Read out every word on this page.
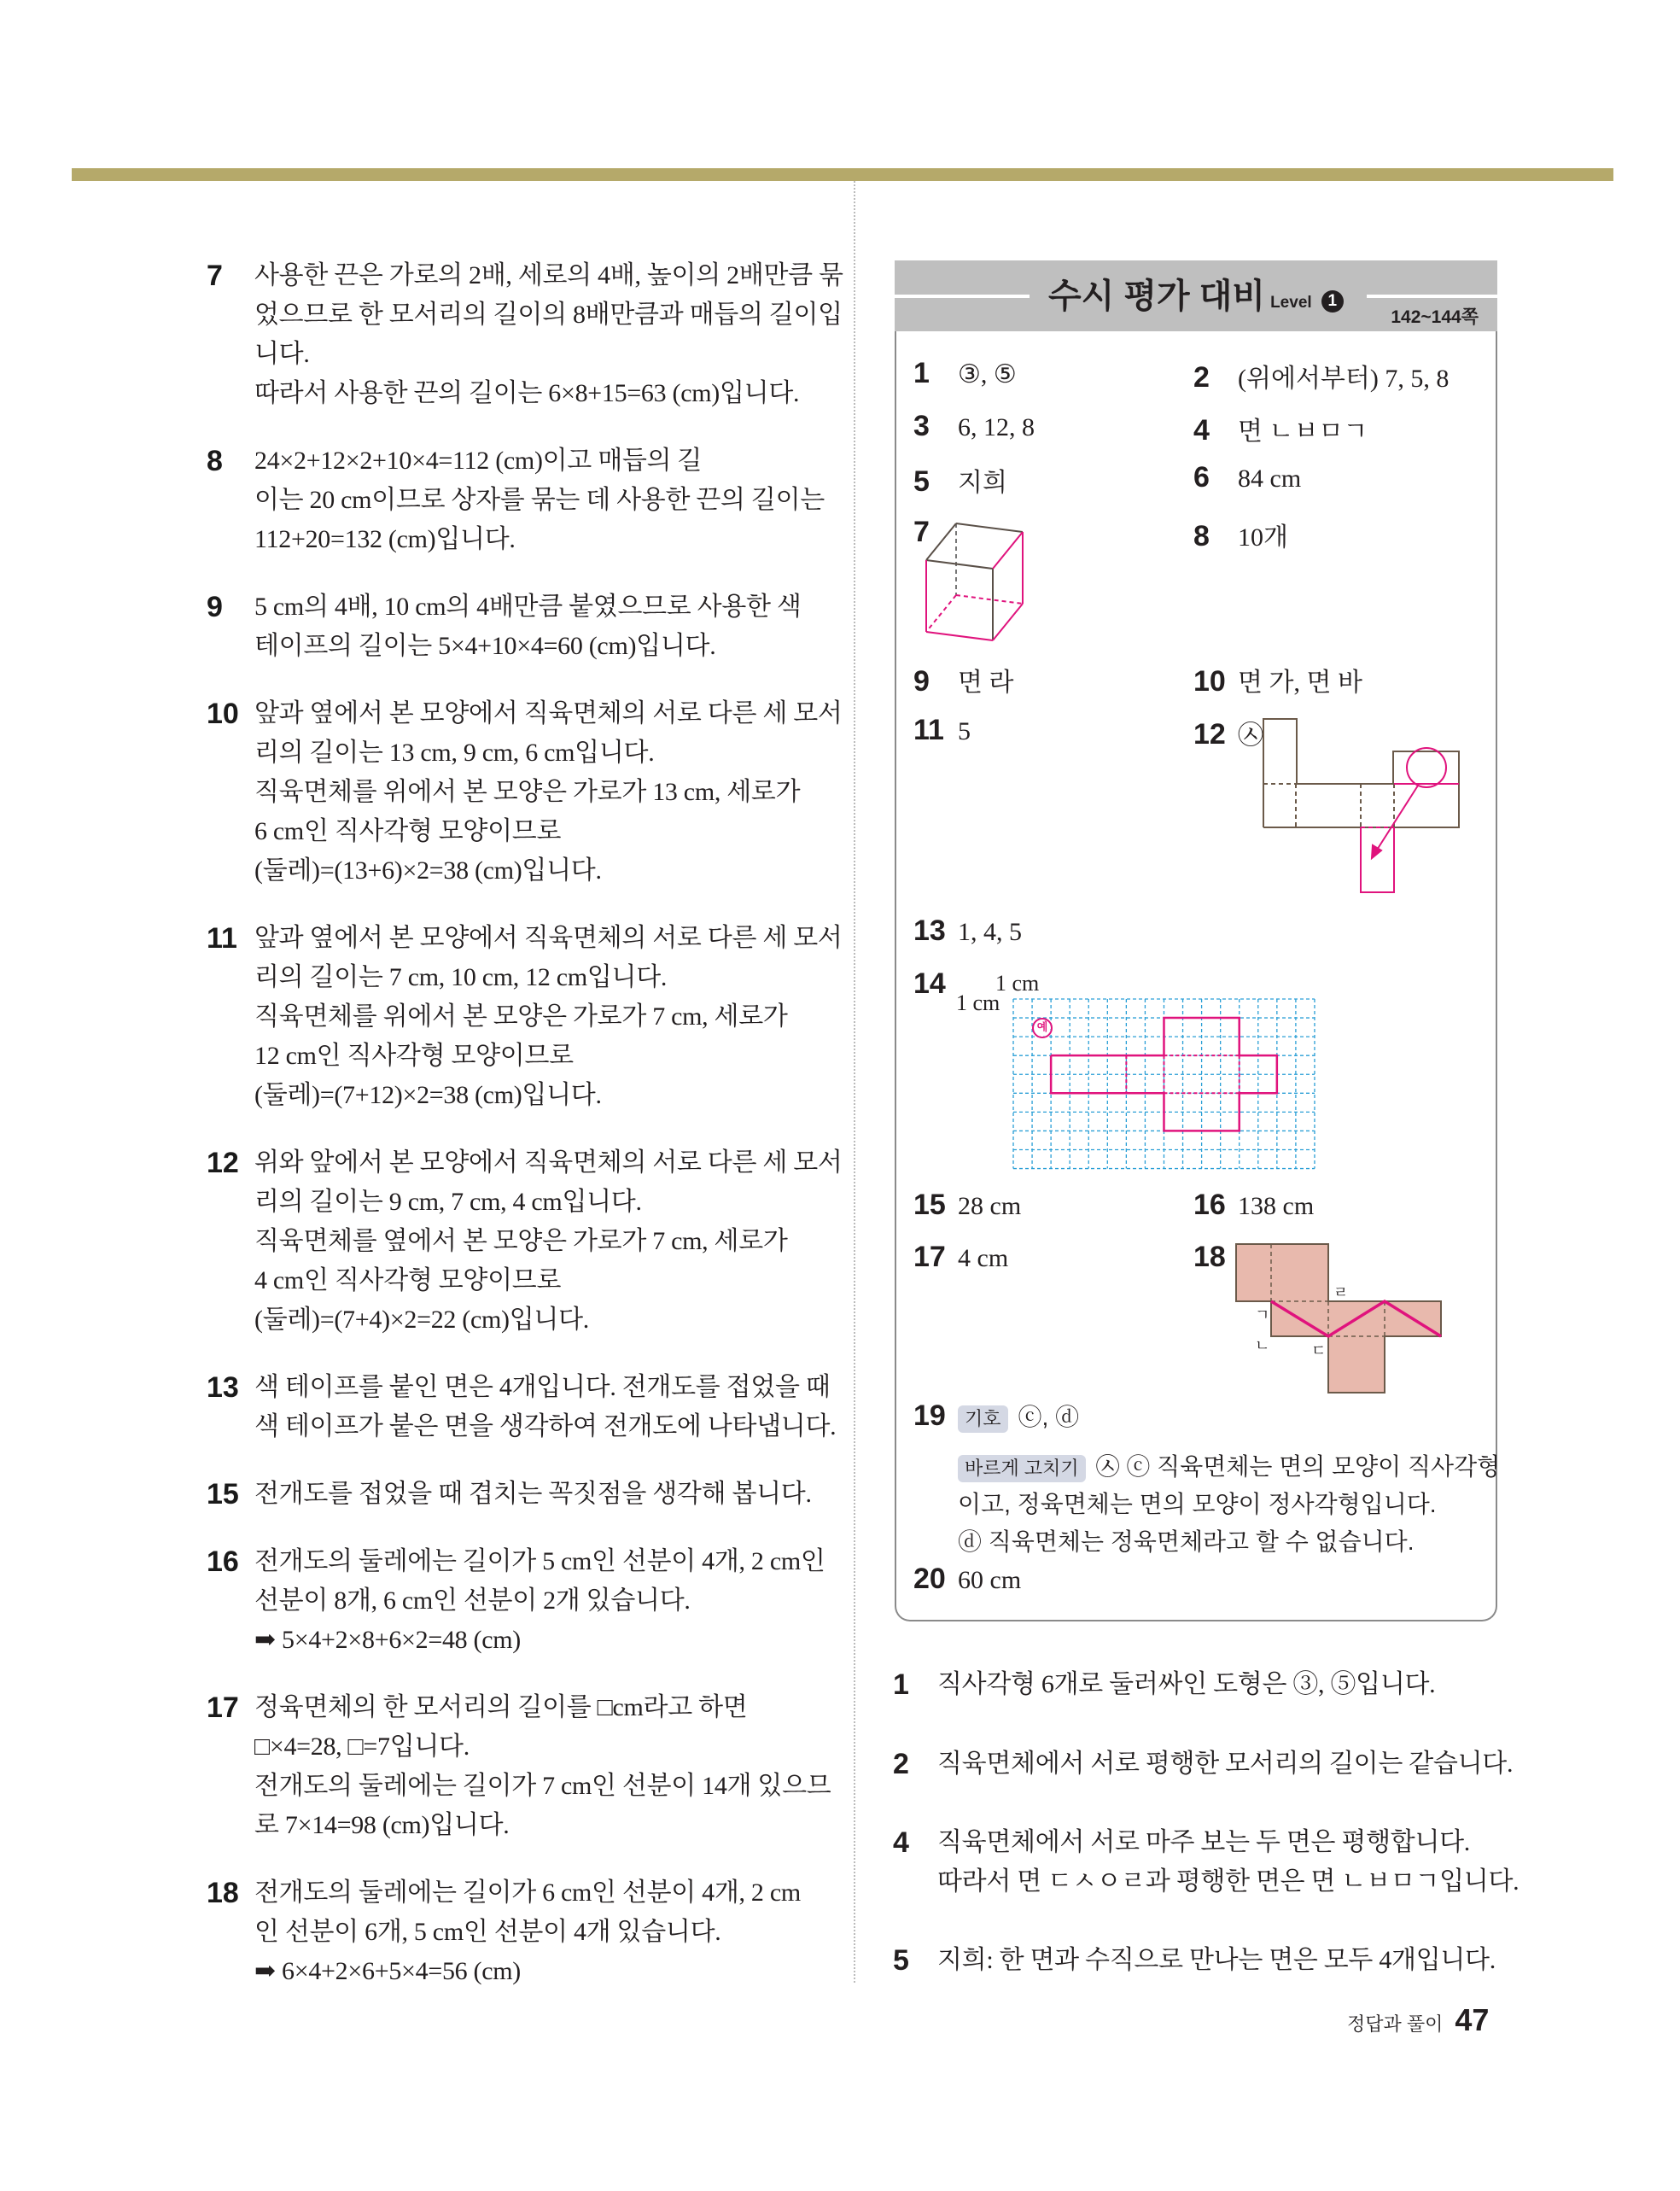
7 사용한 끈은 가로의 2배, 세로의 4배, 높이의 2배만큼 묶
었으므로 한 모서리의 길이의 8배만큼과 매듭의 길이입
니다.
따라서 사용한 끈의 길이는 6×8+15=63 (cm)입니다.
8 24×2+12×2+10×4=112 (cm)이고 매듭의 길
이는 20 cm이므로 상자를 묶는 데 사용한 끈의 길이는
112+20=132 (cm)입니다.
9 5 cm의 4배, 10 cm의 4배만큼 붙였으므로 사용한 색
테이프의 길이는 5×4+10×4=60 (cm)입니다.
10 앞과 옆에서 본 모양에서 직육면체의 서로 다른 세 모서
리의 길이는 13 cm, 9 cm, 6 cm입니다.
직육면체를 위에서 본 모양은 가로가 13 cm, 세로가
6 cm인 직사각형 모양이므로
(둘레)=(13+6)×2=38 (cm)입니다.
11 앞과 옆에서 본 모양에서 직육면체의 서로 다른 세 모서
리의 길이는 7 cm, 10 cm, 12 cm입니다.
직육면체를 위에서 본 모양은 가로가 7 cm, 세로가
12 cm인 직사각형 모양이므로
(둘레)=(7+12)×2=38 (cm)입니다.
12 위와 앞에서 본 모양에서 직육면체의 서로 다른 세 모서
리의 길이는 9 cm, 7 cm, 4 cm입니다.
직육면체를 옆에서 본 모양은 가로가 7 cm, 세로가
4 cm인 직사각형 모양이므로
(둘레)=(7+4)×2=22 (cm)입니다.
13 색 테이프를 붙인 면은 4개입니다. 전개도를 접었을 때
색 테이프가 붙은 면을 생각하여 전개도에 나타냅니다.
15 전개도를 접었을 때 겹치는 꼭짓점을 생각해 봅니다.
16 전개도의 둘레에는 길이가 5 cm인 선분이 4개, 2 cm인
선분이 8개, 6 cm인 선분이 2개 있습니다.
➡ 5×4+2×8+6×2=48 (cm)
17 정육면체의 한 모서리의 길이를 □cm라고 하면
□×4=28, □=7입니다.
전개도의 둘레에는 길이가 7 cm인 선분이 14개 있으므
로 7×14=98 (cm)입니다.
18 전개도의 둘레에는 길이가 6 cm인 선분이 4개, 2 cm
인 선분이 6개, 5 cm인 선분이 4개 있습니다.
➡ 6×4+2×6+5×4=56 (cm)
수시 평가 대비 Level 1
142~144쪽
1 ③, ⑤	2 (위에서부터) 7, 5, 8
3 6, 12, 8	4 면 ㄴㅂㅁㄱ
5 지희	6 84 cm
7	8 10개
9 면 라	10 면 가, 면 바
11 5	12 ㉦
13 1, 4, 5
14	1 cm
1 cm
예
15 28 cm	16 138 cm
17 4 cm	18
ㄹ
ㄱ
ㄴ	ㄷ
19 기호 ⓒ, ⓓ
바르게 고치기 ㉦ ⓒ 직육면체는 면의 모양이 직사각형
이고, 정육면체는 면의 모양이 정사각형입니다.
ⓓ 직육면체는 정육면체라고 할 수 없습니다.
20 60 cm
1	직사각형 6개로 둘러싸인 도형은 ③, ⑤입니다.
2	직육면체에서 서로 평행한 모서리의 길이는 같습니다.
4	직육면체에서 서로 마주 보는 두 면은 평행합니다.
따라서 면 ㄷㅅㅇㄹ과 평행한 면은 면 ㄴㅂㅁㄱ입니다.
5	지희: 한 면과 수직으로 만나는 면은 모두 4개입니다.
정답과 풀이 47
